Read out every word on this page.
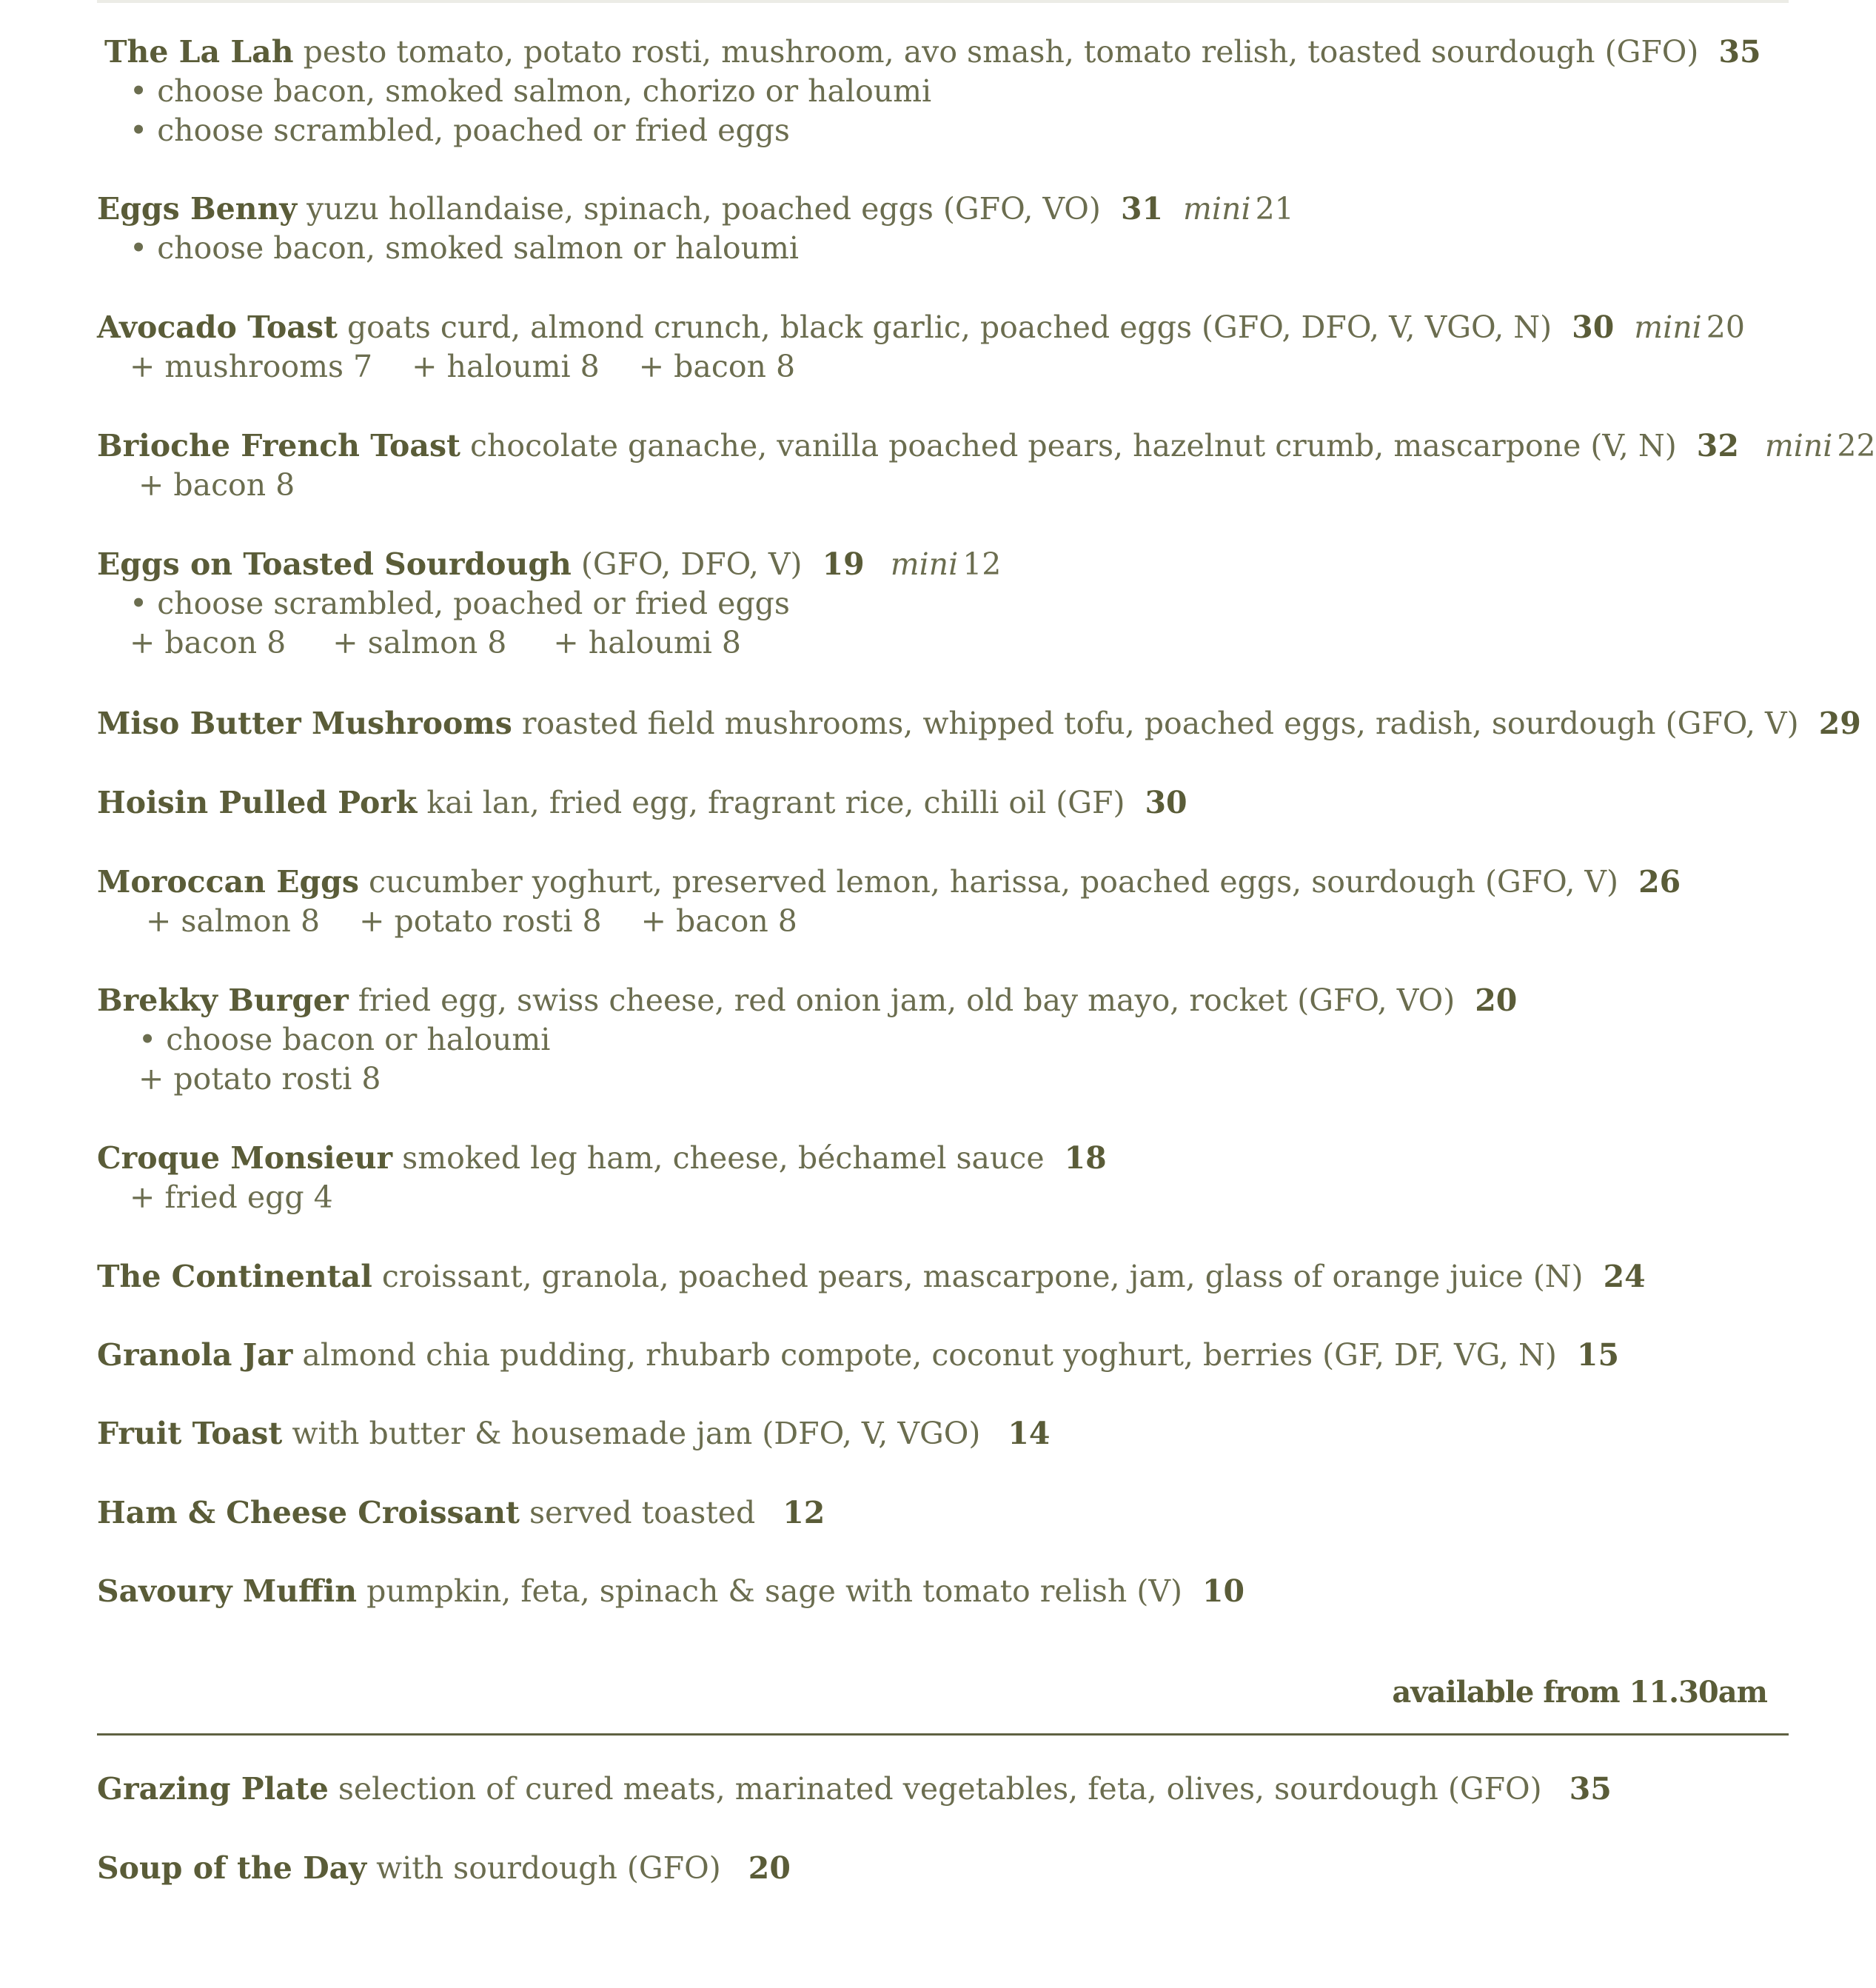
The La Lah pesto tomato, potato rosti, mushroom, avo smash, tomato relish, toasted sourdough (GFO) 35
• choose bacon, smoked salmon, chorizo or haloumi
• choose scrambled, poached or fried eggs
Eggs Benny yuzu hollandaise, spinach, poached eggs (GFO, VO) 31 mini 21
• choose bacon, smoked salmon or haloumi
Avocado Toast goats curd, almond crunch, black garlic, poached eggs (GFO, DFO, V, VGO, N) 30 mini 20
+ mushrooms 7 + haloumi 8 + bacon 8
Brioche French Toast chocolate ganache, vanilla poached pears, hazelnut crumb, mascarpone (V, N) 32 mini 22
+ bacon 8
Eggs on Toasted Sourdough (GFO, DFO, V) 19 mini 12
• choose scrambled, poached or fried eggs
+ bacon 8 + salmon 8 + haloumi 8
Miso Butter Mushrooms roasted field mushrooms, whipped tofu, poached eggs, radish, sourdough (GFO, V) 29
Hoisin Pulled Pork kai lan, fried egg, fragrant rice, chilli oil (GF) 30
Moroccan Eggs cucumber yoghurt, preserved lemon, harissa, poached eggs, sourdough (GFO, V) 26
+ salmon 8 + potato rosti 8 + bacon 8
Brekky Burger fried egg, swiss cheese, red onion jam, old bay mayo, rocket (GFO, VO) 20
• choose bacon or haloumi
+ potato rosti 8
Croque Monsieur smoked leg ham, cheese, béchamel sauce 18
+ fried egg 4
The Continental croissant, granola, poached pears, mascarpone, jam, glass of orange juice (N) 24
Granola Jar almond chia pudding, rhubarb compote, coconut yoghurt, berries (GF, DF, VG, N) 15
Fruit Toast with butter & housemade jam (DFO, V, VGO) 14
Ham & Cheese Croissant served toasted 12
Savoury Muffin pumpkin, feta, spinach & sage with tomato relish (V) 10
available from 11.30am
Grazing Plate selection of cured meats, marinated vegetables, feta, olives, sourdough (GFO) 35
Soup of the Day with sourdough (GFO) 20
